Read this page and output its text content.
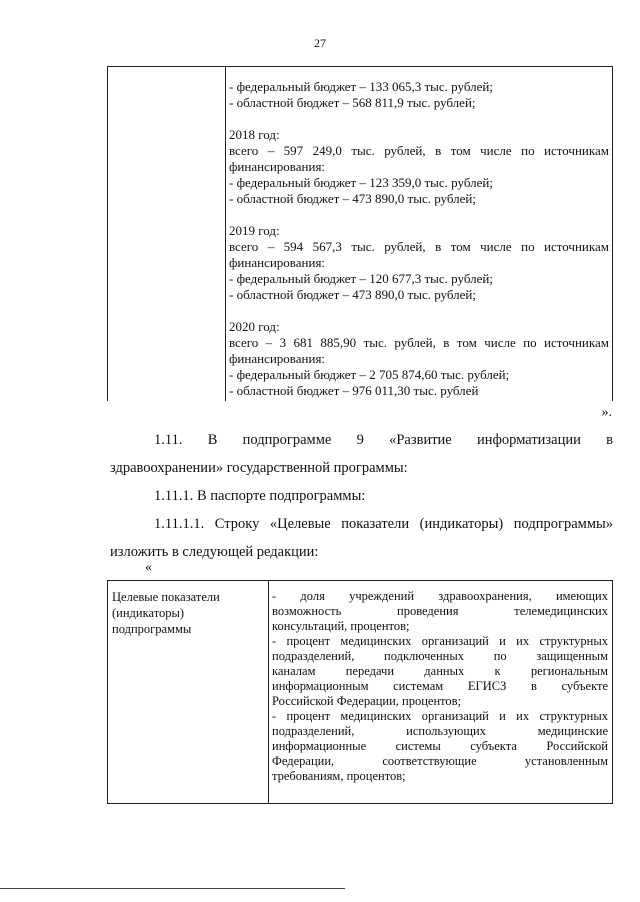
27
- федеральный бюджет – 133 065,3 тыс. рублей;
- областной бюджет – 568 811,9 тыс. рублей;
2018 год:
всего – 597 249,0 тыс. рублей, в том числе по источникам
финансирования:
- федеральный бюджет – 123 359,0 тыс. рублей;
- областной бюджет – 473 890,0 тыс. рублей;
2019 год:
всего – 594 567,3 тыс. рублей, в том числе по источникам
финансирования:
- федеральный бюджет – 120 677,3 тыс. рублей;
- областной бюджет – 473 890,0 тыс. рублей;
2020 год:
всего – 3 681 885,90 тыс. рублей, в том числе по источникам
финансирования:
- федеральный бюджет – 2 705 874,60 тыс. рублей;
- областной бюджет – 976 011,30 тыс. рублей
».
1.11. В подпрограмме 9 «Развитие информатизации в
здравоохранении» государственной программы:
1.11.1. В паспорте подпрограммы:
1.11.1.1. Строку «Целевые показатели (индикаторы) подпрограммы»
изложить в следующей редакции:
«
Целевые показатели
(индикаторы)
подпрограммы
- доля учреждений здравоохранения, имеющих
возможность проведения телемедицинских
консультаций, процентов;
- процент медицинских организаций и их структурных
подразделений, подключенных по защищенным
каналам передачи данных к региональным
информационным системам ЕГИСЗ в субъекте
Российской Федерации, процентов;
- процент медицинских организаций и их структурных
подразделений, использующих медицинские
информационные системы субъекта Российской
Федерации, соответствующие установленным
требованиям, процентов;
